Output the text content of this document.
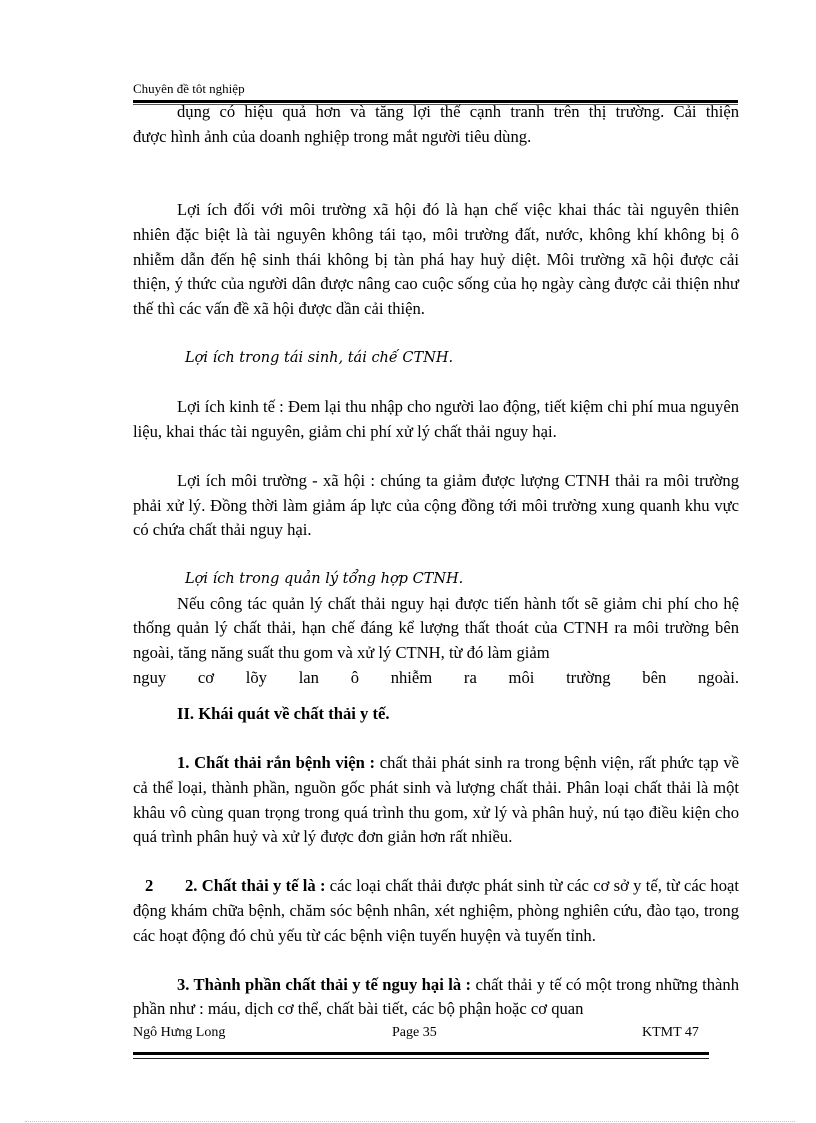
Chuyên đề tôt nghiệp

dụng có hiệu quả hơn và tăng lợi thế cạnh tranh trên thị trường. Cải thiện

được hình ảnh của doanh nghiệp trong mắt người tiêu dùng.

Lợi ích đối với môi trường xã hội đó là hạn chế việc khai thác tài nguyên thiên nhiên đặc biệt là tài nguyên không tái tạo, môi trường đất, nước, không khí không bị ô nhiễm dẫn đến hệ sinh thái không bị tàn phá hay huỷ diệt. Môi trường xã hội được cải thiện, ý thức của người dân được nâng cao cuộc sống của họ ngày càng được cải thiện như thế thì các vấn đề xã hội được dần cải thiện.

Lợi ích trong tái sinh, tái chế CTNH.

Lợi ích kinh tế : Đem lại thu nhập cho người lao động, tiết kiệm chi phí mua nguyên liệu, khai thác tài nguyên, giảm chi phí xử lý chất thải nguy hại.

Lợi ích môi trường - xã hội : chúng ta giảm được lượng CTNH thải ra môi trường phải xử lý. Đồng thời làm giảm áp lực của cộng đồng tới môi trường xung quanh khu vực có chứa chất thải nguy hại.

Lợi ích trong quản lý tổng hợp CTNH.

Nếu công tác quản lý chất thải nguy hại được tiến hành tốt sẽ giảm chi phí cho hệ thống quản lý chất thải, hạn chế đáng kể lượng thất thoát của CTNH ra môi trường bên ngoài, tăng năng suất thu gom và xử lý CTNH, từ đó làm giảm

nguy cơ lõy lan ô nhiễm ra môi trường bên ngoài.

II. Khái quát về chất thải y tế.

1. Chất thải rắn bệnh viện : chất thải phát sinh ra trong bệnh viện, rất phức tạp về cả thể loại, thành phần, nguồn gốc phát sinh và lượng chất thải. Phân loại chất thải là một khâu vô cùng quan trọng trong quá trình thu gom, xử lý và phân huỷ, nú tạo điều kiện cho quá trình phân huỷ và xử lý được đơn giản hơn rất nhiều.

2 2. Chất thải y tế là : các loại chất thải được phát sinh từ các cơ sở y tế, từ các hoạt động khám chữa bệnh, chăm sóc bệnh nhân, xét nghiệm, phòng nghiên cứu, đào tạo, trong các hoạt động đó chủ yếu từ các bệnh viện tuyến huyện và tuyến tỉnh.

3. Thành phần chất thải y tế nguy hại là : chất thải y tế có một trong những thành phần như : máu, dịch cơ thể, chất bài tiết, các bộ phận hoặc cơ quan

Ngô Hưng Long	Page 35	KTMT 47
